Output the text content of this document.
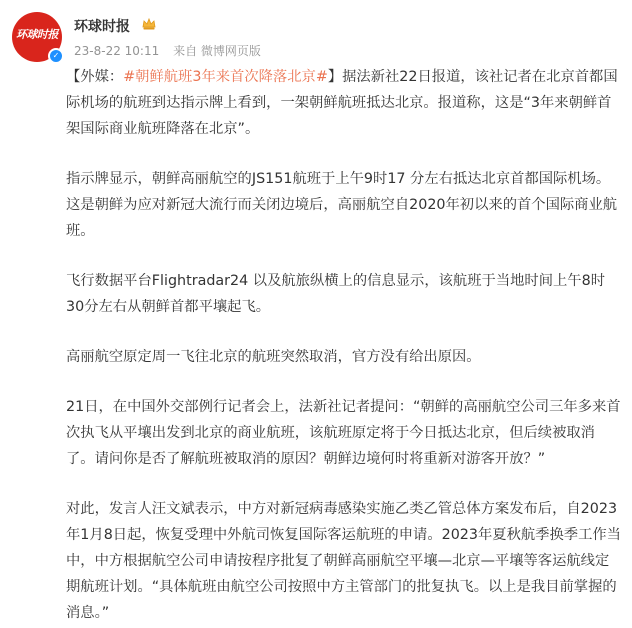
环球时报
✓
环球时报
23-8-22 10:11 来自 微博网页版

【外媒：#朝鲜航班3年来首次降落北京#】据法新社22日报道，该社记者在北京首都国际机场的航班到达指示牌上看到，一架朝鲜航班抵达北京。报道称，这是“3年来朝鲜首架国际商业航班降落在北京”。

指示牌显示，朝鲜高丽航空的JS151航班于上午9时17 分左右抵达北京首都国际机场。这是朝鲜为应对新冠大流行而关闭边境后，高丽航空自2020年初以来的首个国际商业航班。

飞行数据平台Flightradar24 以及航旅纵横上的信息显示，该航班于当地时间上午8时30分左右从朝鲜首都平壤起飞。

高丽航空原定周一飞往北京的航班突然取消，官方没有给出原因。

21日，在中国外交部例行记者会上，法新社记者提问：“朝鲜的高丽航空公司三年多来首次执飞从平壤出发到北京的商业航班，该航班原定将于今日抵达北京，但后续被取消了。请问你是否了解航班被取消的原因？朝鲜边境何时将重新对游客开放？”

对此，发言人汪文斌表示，中方对新冠病毒感染实施乙类乙管总体方案发布后，自2023年1月8日起，恢复受理中外航司恢复国际客运航班的申请。2023年夏秋航季换季工作当中，中方根据航空公司申请按程序批复了朝鲜高丽航空平壤—北京—平壤等客运航线定期航班计划。“具体航班由航空公司按照中方主管部门的批复执飞。以上是我目前掌握的消息。”
